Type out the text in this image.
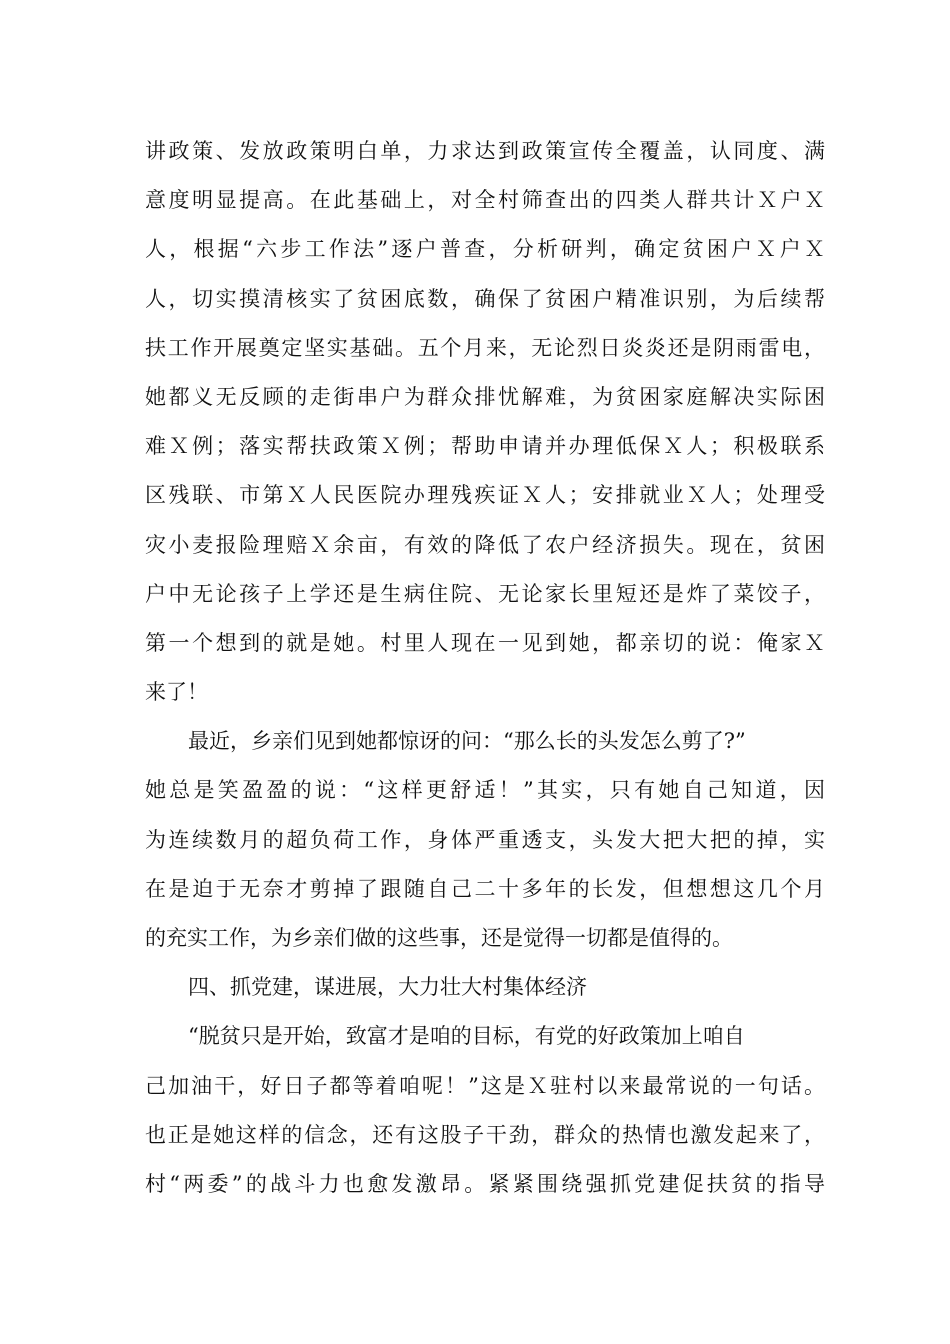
讲政策、发放政策明白单，力求达到政策宣传全覆盖，认同度、满
意度明显提高。在此基础上，对全村筛查出的四类人群共计Ｘ户Ｘ
人，根据“六步工作法”逐户普查，分析研判，确定贫困户Ｘ户Ｘ
人，切实摸清核实了贫困底数，确保了贫困户精准识别，为后续帮
扶工作开展奠定坚实基础。五个月来，无论烈日炎炎还是阴雨雷电，
她都义无反顾的走街串户为群众排忧解难，为贫困家庭解决实际困
难Ｘ例；落实帮扶政策Ｘ例；帮助申请并办理低保Ｘ人；积极联系
区残联、市第Ｘ人民医院办理残疾证Ｘ人；安排就业Ｘ人；处理受
灾小麦报险理赔Ｘ余亩，有效的降低了农户经济损失。现在，贫困
户中无论孩子上学还是生病住院、无论家长里短还是炸了菜饺子，
第一个想到的就是她。村里人现在一见到她，都亲切的说：俺家Ｘ
来了！
最近，乡亲们见到她都惊讶的问：“那么长的头发怎么剪了?”
她总是笑盈盈的说：“这样更舒适！”其实，只有她自己知道，因
为连续数月的超负荷工作，身体严重透支，头发大把大把的掉，实
在是迫于无奈才剪掉了跟随自己二十多年的长发，但想想这几个月
的充实工作，为乡亲们做的这些事，还是觉得一切都是值得的。
四、抓党建，谋进展，大力壮大村集体经济
“脱贫只是开始，致富才是咱的目标，有党的好政策加上咱自
己加油干，好日子都等着咱呢！”这是Ｘ驻村以来最常说的一句话。
也正是她这样的信念，还有这股子干劲，群众的热情也激发起来了，
村“两委”的战斗力也愈发激昂。紧紧围绕强抓党建促扶贫的指导
